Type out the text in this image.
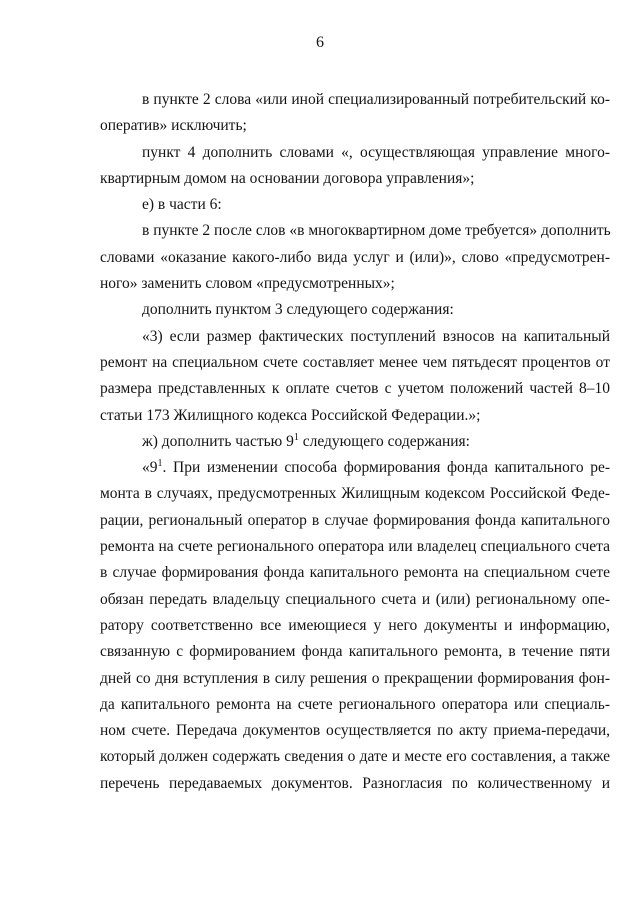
6
в пункте 2 слова «или иной специализированный потребительский ко-
оператив» исключить;
пункт 4 дополнить словами «, осуществляющая управление много-
квартирным домом на основании договора управления»;
е) в части 6:
в пункте 2 после слов «в многоквартирном доме требуется» дополнить
словами «оказание какого-либо вида услуг и (или)», слово «предусмотрен-
ного» заменить словом «предусмотренных»;
дополнить пунктом 3 следующего содержания:
«3) если размер фактических поступлений взносов на капитальный
ремонт на специальном счете составляет менее чем пятьдесят процентов от
размера представленных к оплате счетов с учетом положений частей 8–10
статьи 173 Жилищного кодекса Российской Федерации.»;
ж) дополнить частью $9^1$ следующего содержания:
«$9^1$. При изменении способа формирования фонда капитального ре-
монта в случаях, предусмотренных Жилищным кодексом Российской Феде-
рации, региональный оператор в случае формирования фонда капитального
ремонта на счете регионального оператора или владелец специального счета
в случае формирования фонда капитального ремонта на специальном счете
обязан передать владельцу специального счета и (или) региональному опе-
ратору соответственно все имеющиеся у него документы и информацию,
связанную с формированием фонда капитального ремонта, в течение пяти
дней со дня вступления в силу решения о прекращении формирования фон-
да капитального ремонта на счете регионального оператора или специаль-
ном счете. Передача документов осуществляется по акту приема-передачи,
который должен содержать сведения о дате и месте его составления, а также
перечень передаваемых документов. Разногласия по количественному и
